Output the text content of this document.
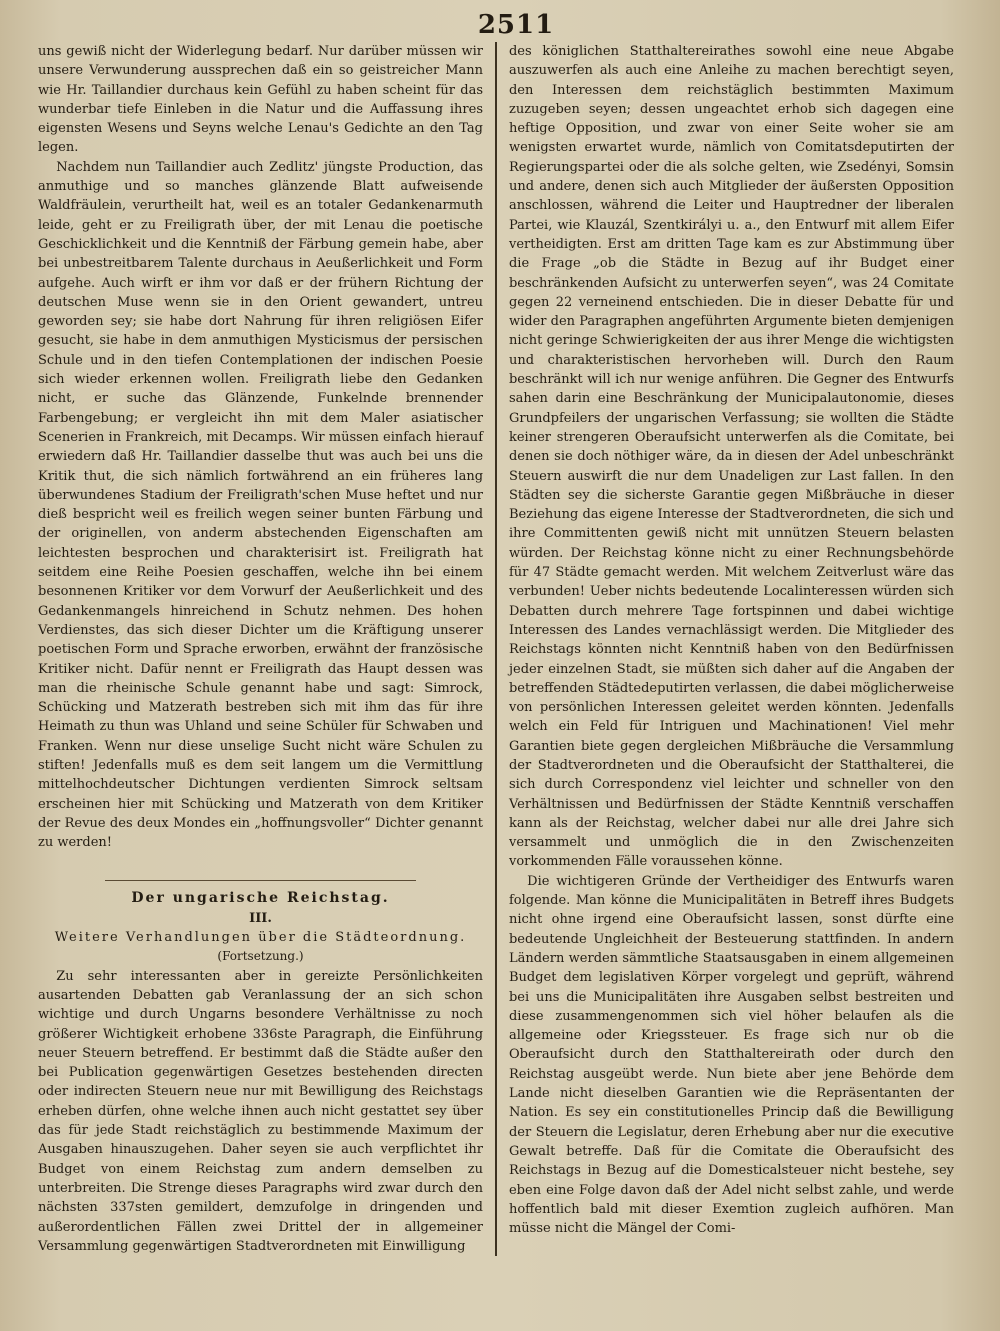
2511

uns gewiß nicht der Widerlegung bedarf. Nur darüber müssen wir unsere Verwunderung aussprechen daß ein so geistreicher Mann wie Hr. Taillandier durchaus kein Gefühl zu haben scheint für das wunderbar tiefe Einleben in die Natur und die Auffassung ihres eigensten Wesens und Seyns welche Lenau's Gedichte an den Tag legen.

Nachdem nun Taillandier auch Zedlitz' jüngste Production, das anmuthige und so manches glänzende Blatt aufweisende Waldfräulein, verurtheilt hat, weil es an totaler Gedankenarmuth leide, geht er zu Freiligrath über, der mit Lenau die poetische Geschicklichkeit und die Kenntniß der Färbung gemein habe, aber bei unbestreitbarem Talente durchaus in Aeußerlichkeit und Form aufgehe. Auch wirft er ihm vor daß er der frühern Richtung der deutschen Muse wenn sie in den Orient gewandert, untreu geworden sey; sie habe dort Nahrung für ihren religiösen Eifer gesucht, sie habe in dem anmuthigen Mysticismus der persischen Schule und in den tiefen Contemplationen der indischen Poesie sich wieder erkennen wollen. Freiligrath liebe den Gedanken nicht, er suche das Glänzende, Funkelnde brennender Farbengebung; er vergleicht ihn mit dem Maler asiatischer Scenerien in Frankreich, mit Decamps. Wir müssen einfach hierauf erwiedern daß Hr. Taillandier dasselbe thut was auch bei uns die Kritik thut, die sich nämlich fortwährend an ein früheres lang überwundenes Stadium der Freiligrath'schen Muse heftet und nur dieß bespricht weil es freilich wegen seiner bunten Färbung und der originellen, von anderm abstechenden Eigenschaften am leichtesten besprochen und charakterisirt ist. Freiligrath hat seitdem eine Reihe Poesien geschaffen, welche ihn bei einem besonnenen Kritiker vor dem Vorwurf der Aeußerlichkeit und des Gedankenmangels hinreichend in Schutz nehmen. Des hohen Verdienstes, das sich dieser Dichter um die Kräftigung unserer poetischen Form und Sprache erworben, erwähnt der französische Kritiker nicht. Dafür nennt er Freiligrath das Haupt dessen was man die rheinische Schule genannt habe und sagt: Simrock, Schücking und Matzerath bestreben sich mit ihm das für ihre Heimath zu thun was Uhland und seine Schüler für Schwaben und Franken. Wenn nur diese unselige Sucht nicht wäre Schulen zu stiften! Jedenfalls muß es dem seit langem um die Vermittlung mittelhochdeutscher Dichtungen verdienten Simrock seltsam erscheinen hier mit Schücking und Matzerath von dem Kritiker der Revue des deux Mondes ein „hoffnungsvoller“ Dichter genannt zu werden!

Der ungarische Reichstag.
III.
Weitere Verhandlungen über die Städteordnung.
(Fortsetzung.)

Zu sehr interessanten aber in gereizte Persönlichkeiten ausartenden Debatten gab Veranlassung der an sich schon wichtige und durch Ungarns besondere Verhältnisse zu noch größerer Wichtigkeit erhobene 336ste Paragraph, die Einführung neuer Steuern betreffend. Er bestimmt daß die Städte außer den bei Publication gegenwärtigen Gesetzes bestehenden directen oder indirecten Steuern neue nur mit Bewilligung des Reichstags erheben dürfen, ohne welche ihnen auch nicht gestattet sey über das für jede Stadt reichstäglich zu bestimmende Maximum der Ausgaben hinauszugehen. Daher seyen sie auch verpflichtet ihr Budget von einem Reichstag zum andern demselben zu unterbreiten. Die Strenge dieses Paragraphs wird zwar durch den nächsten 337sten gemildert, demzufolge in dringenden und außerordentlichen Fällen zwei Drittel der in allgemeiner Versammlung gegenwärtigen Stadtverordneten mit Einwilligung

des königlichen Statthaltereirathes sowohl eine neue Abgabe auszuwerfen als auch eine Anleihe zu machen berechtigt seyen, den Interessen dem reichstäglich bestimmten Maximum zuzugeben seyen; dessen ungeachtet erhob sich dagegen eine heftige Opposition, und zwar von einer Seite woher sie am wenigsten erwartet wurde, nämlich von Comitatsdeputirten der Regierungspartei oder die als solche gelten, wie Zsedényi, Somsin und andere, denen sich auch Mitglieder der äußersten Opposition anschlossen, während die Leiter und Hauptredner der liberalen Partei, wie Klauzál, Szentkirályi u. a., den Entwurf mit allem Eifer vertheidigten. Erst am dritten Tage kam es zur Abstimmung über die Frage „ob die Städte in Bezug auf ihr Budget einer beschränkenden Aufsicht zu unterwerfen seyen“, was 24 Comitate gegen 22 verneinend entschieden. Die in dieser Debatte für und wider den Paragraphen angeführten Argumente bieten demjenigen nicht geringe Schwierigkeiten der aus ihrer Menge die wichtigsten und charakteristischen hervorheben will. Durch den Raum beschränkt will ich nur wenige anführen. Die Gegner des Entwurfs sahen darin eine Beschränkung der Municipalautonomie, dieses Grundpfeilers der ungarischen Verfassung; sie wollten die Städte keiner strengeren Oberaufsicht unterwerfen als die Comitate, bei denen sie doch nöthiger wäre, da in diesen der Adel unbeschränkt Steuern auswirft die nur dem Unadeligen zur Last fallen. In den Städten sey die sicherste Garantie gegen Mißbräuche in dieser Beziehung das eigene Interesse der Stadtverordneten, die sich und ihre Committenten gewiß nicht mit unnützen Steuern belasten würden. Der Reichstag könne nicht zu einer Rechnungsbehörde für 47 Städte gemacht werden. Mit welchem Zeitverlust wäre das verbunden! Ueber nichts bedeutende Localinteressen würden sich Debatten durch mehrere Tage fortspinnen und dabei wichtige Interessen des Landes vernachlässigt werden. Die Mitglieder des Reichstags könnten nicht Kenntniß haben von den Bedürfnissen jeder einzelnen Stadt, sie müßten sich daher auf die Angaben der betreffenden Städtedeputirten verlassen, die dabei möglicherweise von persönlichen Interessen geleitet werden könnten. Jedenfalls welch ein Feld für Intriguen und Machinationen! Viel mehr Garantien biete gegen dergleichen Mißbräuche die Versammlung der Stadtverordneten und die Oberaufsicht der Statthalterei, die sich durch Correspondenz viel leichter und schneller von den Verhältnissen und Bedürfnissen der Städte Kenntniß verschaffen kann als der Reichstag, welcher dabei nur alle drei Jahre sich versammelt und unmöglich die in den Zwischenzeiten vorkommenden Fälle voraussehen könne.

Die wichtigeren Gründe der Vertheidiger des Entwurfs waren folgende. Man könne die Municipalitäten in Betreff ihres Budgets nicht ohne irgend eine Oberaufsicht lassen, sonst dürfte eine bedeutende Ungleichheit der Besteuerung stattfinden. In andern Ländern werden sämmtliche Staatsausgaben in einem allgemeinen Budget dem legislativen Körper vorgelegt und geprüft, während bei uns die Municipalitäten ihre Ausgaben selbst bestreiten und diese zusammengenommen sich viel höher belaufen als die allgemeine oder Kriegssteuer. Es frage sich nur ob die Oberaufsicht durch den Statthaltereirath oder durch den Reichstag ausgeübt werde. Nun biete aber jene Behörde dem Lande nicht dieselben Garantien wie die Repräsentanten der Nation. Es sey ein constitutionelles Princip daß die Bewilligung der Steuern die Legislatur, deren Erhebung aber nur die executive Gewalt betreffe. Daß für die Comitate die Oberaufsicht des Reichstags in Bezug auf die Domesticalsteuer nicht bestehe, sey eben eine Folge davon daß der Adel nicht selbst zahle, und werde hoffentlich bald mit dieser Exemtion zugleich aufhören. Man müsse nicht die Mängel der Comi-
